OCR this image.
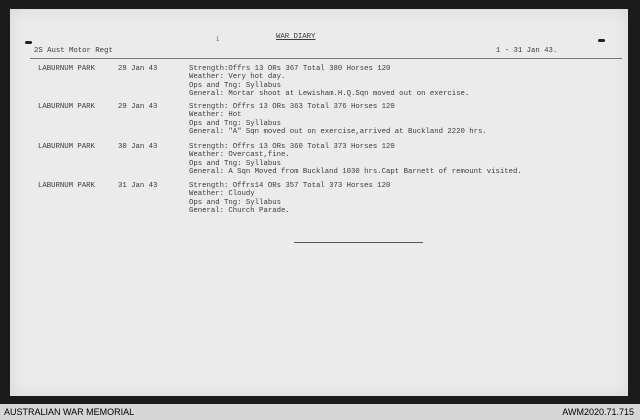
WAR DIARY
1
2S Aust Motor Regt	1 - 31 Jan 43.
LABURNUM PARK	28 Jan 43	Strength:Offrs 13 ORs 367 Total 380 Horses 120
Weather: Very hot day.
Ops and Tng: Syllabus
General: Mortar shoot at Lewisham.H.Q.Sqn moved out on exercise.
LABURNUM PARK	29 Jan 43	Strength: Offrs 13 ORs 363 Total 376 Horses 120
Weather: Hot
Ops and Tng: Syllabus
General: "A" Sqn moved out on exercise,arrived at Buckland 2220 hrs.
LABURNUM PARK	30 Jan 43	Strength: Offrs 13 ORs 360 Total 373 Horses 120
Weather: Overcast,fine.
Ops and Tng: Syllabus
General: A Sqn Moved from Buckland 1030 hrs.Capt Barnett of remount visited.
LABURNUM PARK	31 Jan 43	Strength: Offrs14 ORs 357 Total 373 Horses 120
Weather: Cloudy
Ops and Tng: Syllabus
General: Church Parade.
AUSTRALIAN WAR MEMORIAL	AWM2020.71.715
